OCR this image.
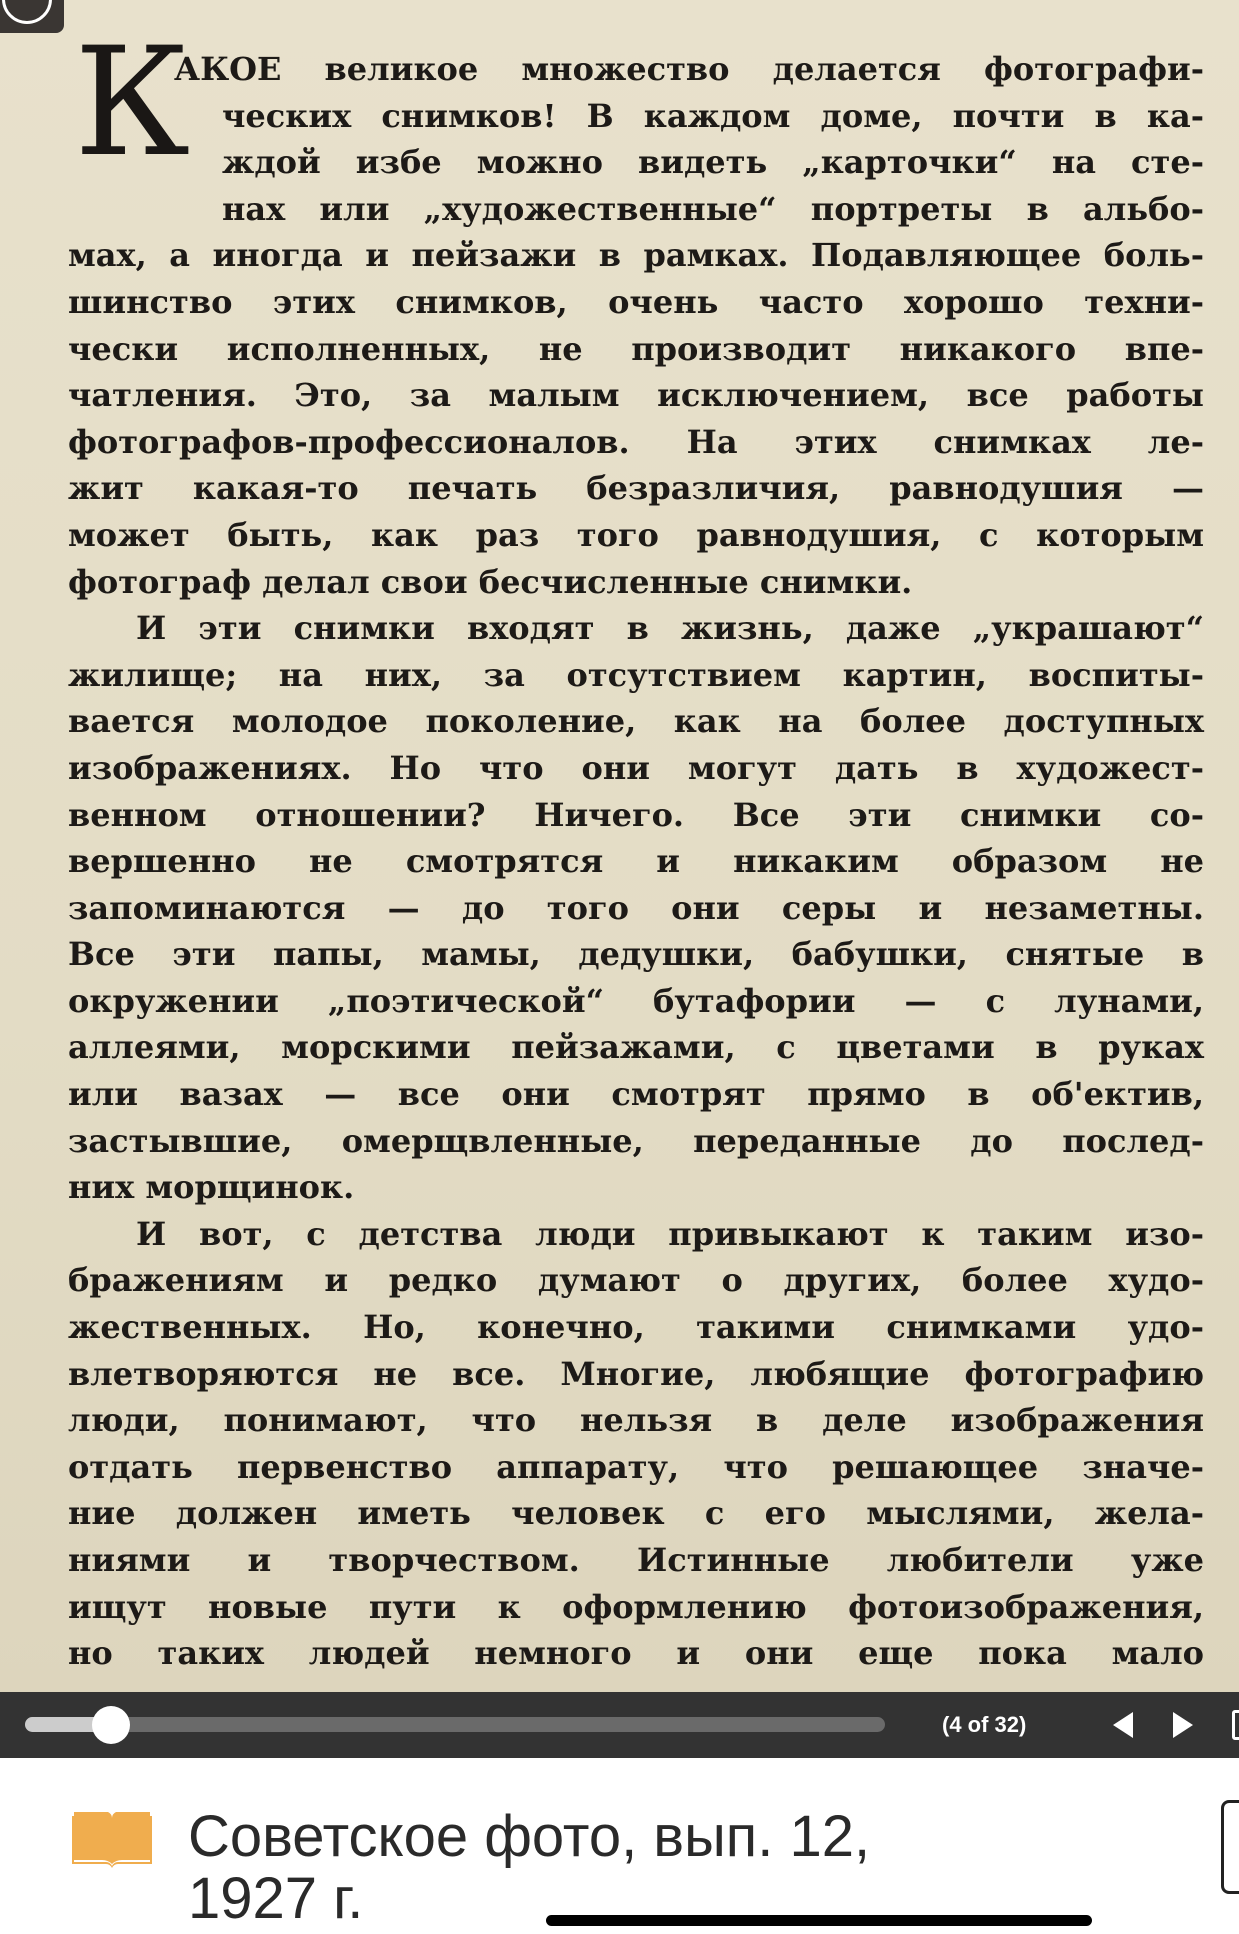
К
АКОЕ великое множество делается фотографи-
ческих снимков! В каждом доме, почти в ка-
ждой избе можно видеть „карточки“ на сте-
нах или „художественные“ портреты в альбо-
мах, а иногда и пейзажи в рамках. Подавляющее боль-
шинство этих снимков, очень часто хорошо техни-
чески исполненных, не производит никакого впе-
чатления. Это, за малым исключением, все работы
фотографов-профессионалов. На этих снимках ле-
жит какая-то печать безразличия, равнодушия —
может быть, как раз того равнодушия, с которым
фотограф делал свои бесчисленные снимки.
И эти снимки входят в жизнь, даже „украшают“
жилище; на них, за отсутствием картин, воспиты-
вается молодое поколение, как на более доступных
изображениях. Но что они могут дать в художест-
венном отношении? Ничего. Все эти снимки со-
вершенно не смотрятся и никаким образом не
запоминаются — до того они серы и незаметны.
Все эти папы, мамы, дедушки, бабушки, снятые в
окружении „поэтической“ бутафории — с лунами,
аллеями, морскими пейзажами, с цветами в руках
или вазах — все они смотрят прямо в об'ектив,
застывшие, омерщвленные, переданные до послед-
них морщинок.
И вот, с детства люди привыкают к таким изо-
бражениям и редко думают о других, более худо-
жественных. Но, конечно, такими снимками удо-
влетворяются не все. Многие, любящие фотографию
люди, понимают, что нельзя в деле изображения
отдать первенство аппарату, что решающее значе-
ние должен иметь человек с его мыслями, жела-
ниями и творчеством. Истинные любители уже
ищут новые пути к оформлению фотоизображения,
но таких людей немного и они еще пока мало
(4 of 32)
Советское фото, вып. 12, 1927 г.
